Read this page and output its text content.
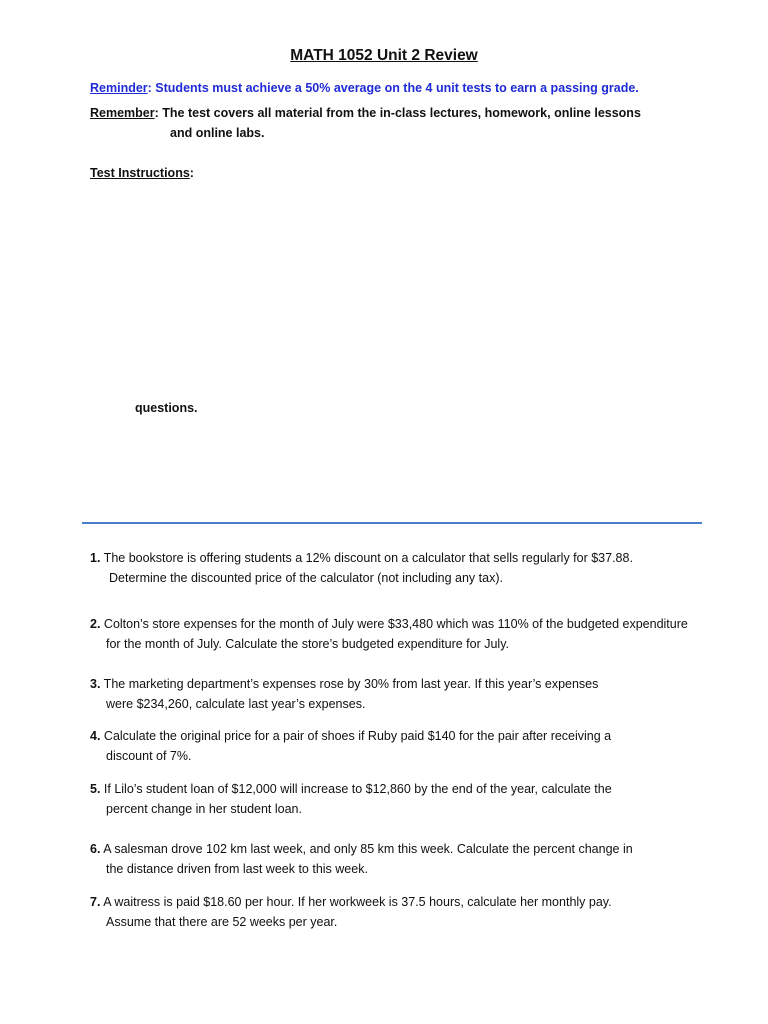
MATH 1052 Unit 2 Review
Reminder: Students must achieve a 50% average on the 4 unit tests to earn a passing grade.
Remember: The test covers all material from the in-class lectures, homework, online lessons
and online labs.
Test Instructions:
questions.
1. The bookstore is offering students a 12% discount on a calculator that sells regularly for $37.88.
Determine the discounted price of the calculator (not including any tax).
2. Colton’s store expenses for the month of July were $33,480 which was 110% of the budgeted expenditure
for the month of July. Calculate the store’s budgeted expenditure for July.
3. The marketing department’s expenses rose by 30% from last year. If this year’s expenses
were $234,260, calculate last year’s expenses.
4. Calculate the original price for a pair of shoes if Ruby paid $140 for the pair after receiving a
discount of 7%.
5. If Lilo’s student loan of $12,000 will increase to $12,860 by the end of the year, calculate the
percent change in her student loan.
6. A salesman drove 102 km last week, and only 85 km this week. Calculate the percent change in
the distance driven from last week to this week.
7. A waitress is paid $18.60 per hour. If her workweek is 37.5 hours, calculate her monthly pay.
Assume that there are 52 weeks per year.
